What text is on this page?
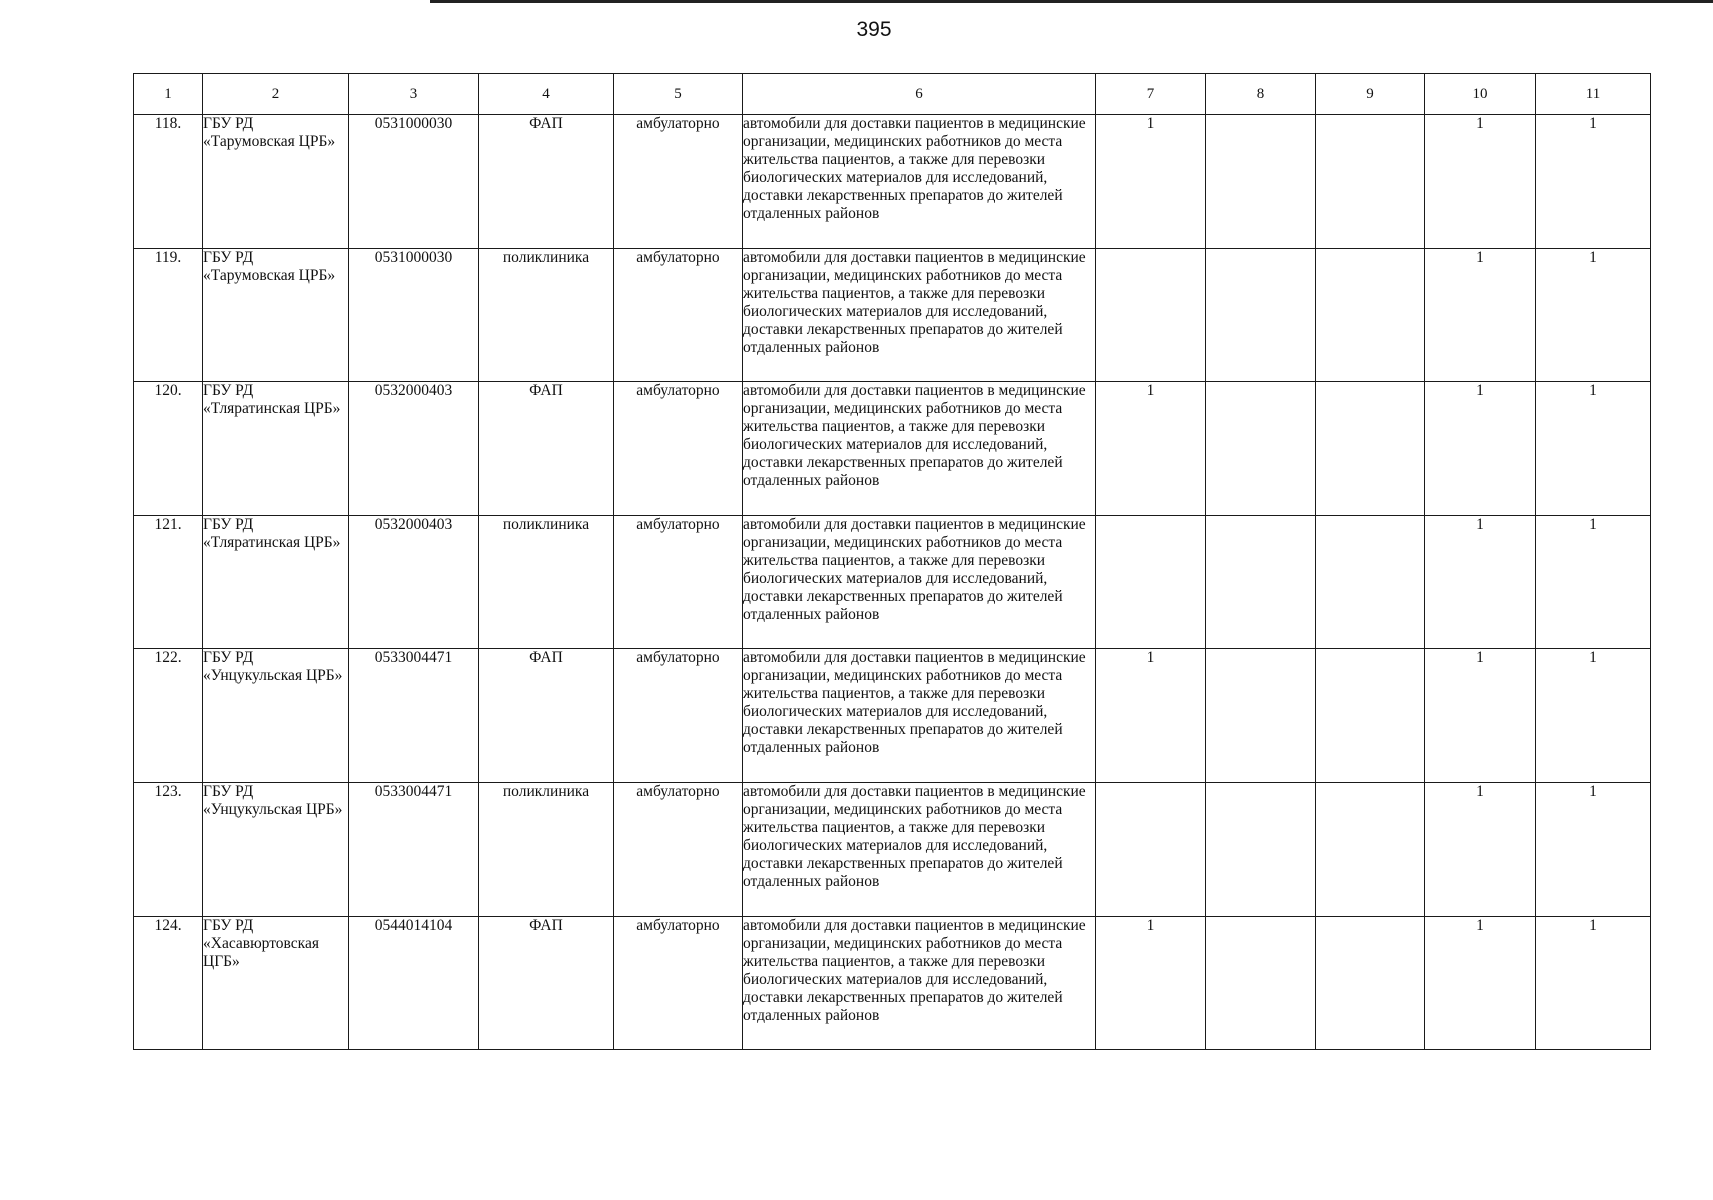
395
1	2	3	4	5	6	7	8	9	10	11
118.	ГБУ РД «Тарумовская ЦРБ»	0531000030	ФАП	амбулаторно	автомобили для доставки пациентов в медицинские организации, медицинских работников до места жительства пациентов, а также для перевозки биологических материалов для исследований, доставки лекарственных препаратов до жителей отдаленных районов	1			1	1
119.	ГБУ РД «Тарумовская ЦРБ»	0531000030	поликлиника	амбулаторно	автомобили для доставки пациентов в медицинские организации, медицинских работников до места жительства пациентов, а также для перевозки биологических материалов для исследований, доставки лекарственных препаратов до жителей отдаленных районов				1	1
120.	ГБУ РД «Тляратинская ЦРБ»	0532000403	ФАП	амбулаторно	автомобили для доставки пациентов в медицинские организации, медицинских работников до места жительства пациентов, а также для перевозки биологических материалов для исследований, доставки лекарственных препаратов до жителей отдаленных районов	1			1	1
121.	ГБУ РД «Тляратинская ЦРБ»	0532000403	поликлиника	амбулаторно	автомобили для доставки пациентов в медицинские организации, медицинских работников до места жительства пациентов, а также для перевозки биологических материалов для исследований, доставки лекарственных препаратов до жителей отдаленных районов				1	1
122.	ГБУ РД «Унцукульская ЦРБ»	0533004471	ФАП	амбулаторно	автомобили для доставки пациентов в медицинские организации, медицинских работников до места жительства пациентов, а также для перевозки биологических материалов для исследований, доставки лекарственных препаратов до жителей отдаленных районов	1			1	1
123.	ГБУ РД «Унцукульская ЦРБ»	0533004471	поликлиника	амбулаторно	автомобили для доставки пациентов в медицинские организации, медицинских работников до места жительства пациентов, а также для перевозки биологических материалов для исследований, доставки лекарственных препаратов до жителей отдаленных районов				1	1
124.	ГБУ РД «Хасавюртовская ЦГБ»	0544014104	ФАП	амбулаторно	автомобили для доставки пациентов в медицинские организации, медицинских работников до места жительства пациентов, а также для перевозки биологических материалов для исследований, доставки лекарственных препаратов до жителей отдаленных районов	1			1	1
